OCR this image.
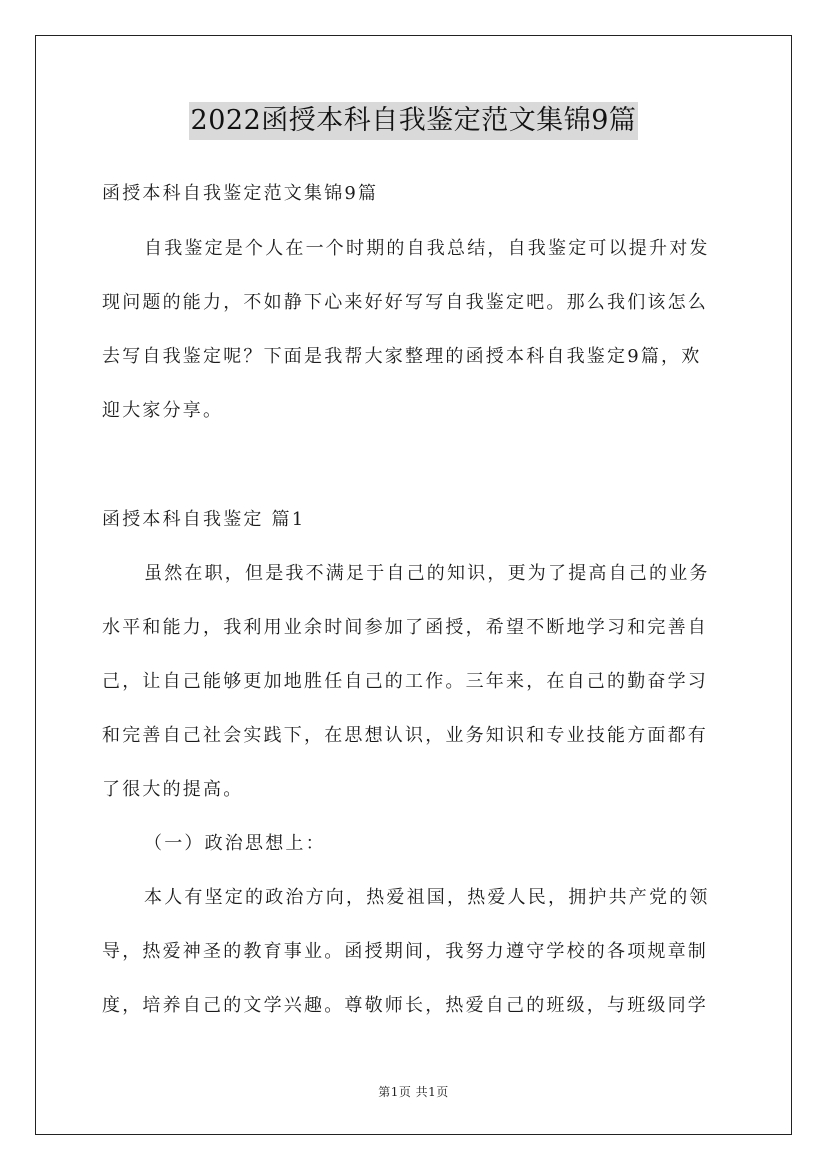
2022函授本科自我鉴定范文集锦9篇
函授本科自我鉴定范文集锦9篇
自我鉴定是个人在一个时期的自我总结，自我鉴定可以提升对发
现问题的能力，不如静下心来好好写写自我鉴定吧。那么我们该怎么
去写自我鉴定呢？下面是我帮大家整理的函授本科自我鉴定9篇，欢
迎大家分享。
函授本科自我鉴定 篇1
虽然在职，但是我不满足于自己的知识，更为了提高自己的业务
水平和能力，我利用业余时间参加了函授，希望不断地学习和完善自
己，让自己能够更加地胜任自己的工作。三年来，在自己的勤奋学习
和完善自己社会实践下，在思想认识，业务知识和专业技能方面都有
了很大的提高。
（一）政治思想上：
本人有坚定的政治方向，热爱祖国，热爱人民，拥护共产党的领
导，热爱神圣的教育事业。函授期间，我努力遵守学校的各项规章制
度，培养自己的文学兴趣。尊敬师长，热爱自己的班级，与班级同学
第1页 共1页
